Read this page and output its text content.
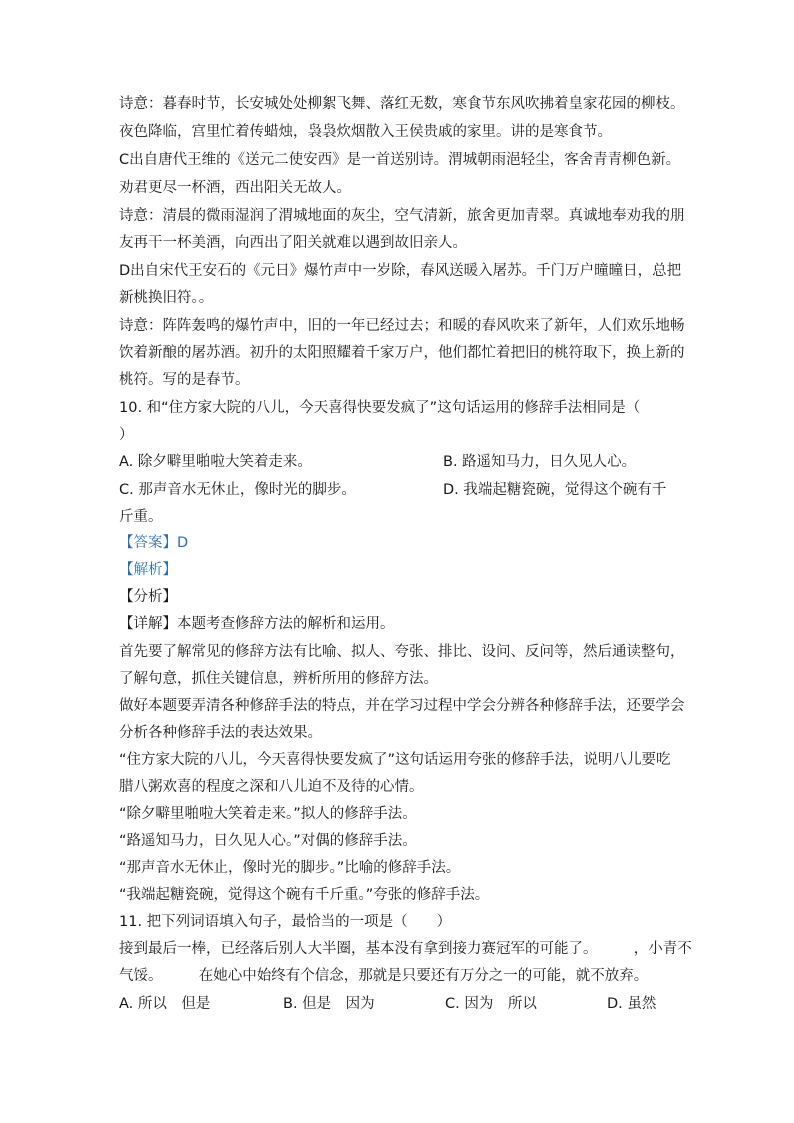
诗意：暮春时节，长安城处处柳絮飞舞、落红无数，寒食节东风吹拂着皇家花园的柳枝。
夜色降临，宫里忙着传蜡烛，袅袅炊烟散入王侯贵戚的家里。讲的是寒食节。
C出自唐代王维的《送元二使安西》是一首送别诗。渭城朝雨浥轻尘，客舍青青柳色新。
劝君更尽一杯酒，西出阳关无故人。
诗意：清晨的微雨湿润了渭城地面的灰尘，空气清新，旅舍更加青翠。真诚地奉劝我的朋
友再干一杯美酒，向西出了阳关就难以遇到故旧亲人。
D出自宋代王安石的《元日》爆竹声中一岁除，春风送暖入屠苏。千门万户曈曈日，总把
新桃换旧符。。
诗意：阵阵轰鸣的爆竹声中，旧的一年已经过去；和暖的春风吹来了新年，人们欢乐地畅
饮着新酿的屠苏酒。初升的太阳照耀着千家万户，他们都忙着把旧的桃符取下，换上新的
桃符。写的是春节。
10. 和“住方家大院的八儿，今天喜得快要发疯了”这句话运用的修辞手法相同是（
）
A. 除夕噼里啪啦大笑着走来。	B. 路遥知马力，日久见人心。
C. 那声音水无休止，像时光的脚步。	D. 我端起糖瓷碗，觉得这个碗有千
斤重。
【答案】D
【解析】
【分析】
【详解】本题考查修辞方法的解析和运用。
首先要了解常见的修辞方法有比喻、拟人、夸张、排比、设问、反问等，然后通读整句，
了解句意，抓住关键信息，辨析所用的修辞方法。
做好本题要弄清各种修辞手法的特点，并在学习过程中学会分辨各种修辞手法，还要学会
分析各种修辞手法的表达效果。
“住方家大院的八儿，今天喜得快要发疯了”这句话运用夸张的修辞手法，说明八儿要吃
腊八粥欢喜的程度之深和八儿迫不及待的心情。
“除夕噼里啪啦大笑着走来。”拟人的修辞手法。
“路遥知马力，日久见人心。”对偶的修辞手法。
“那声音水无休止，像时光的脚步。”比喻的修辞手法。
“我端起糖瓷碗，觉得这个碗有千斤重。”夸张的修辞手法。
11. 把下列词语填入句子，最恰当的一项是（　　）
接到最后一棒，已经落后别人大半圈，基本没有拿到接力赛冠军的可能了。　　　，小青不
气馁。　　　在她心中始终有个信念，那就是只要还有万分之一的可能，就不放弃。
A. 所以　但是	B. 但是　因为	C. 因为　所以	D. 虽然
